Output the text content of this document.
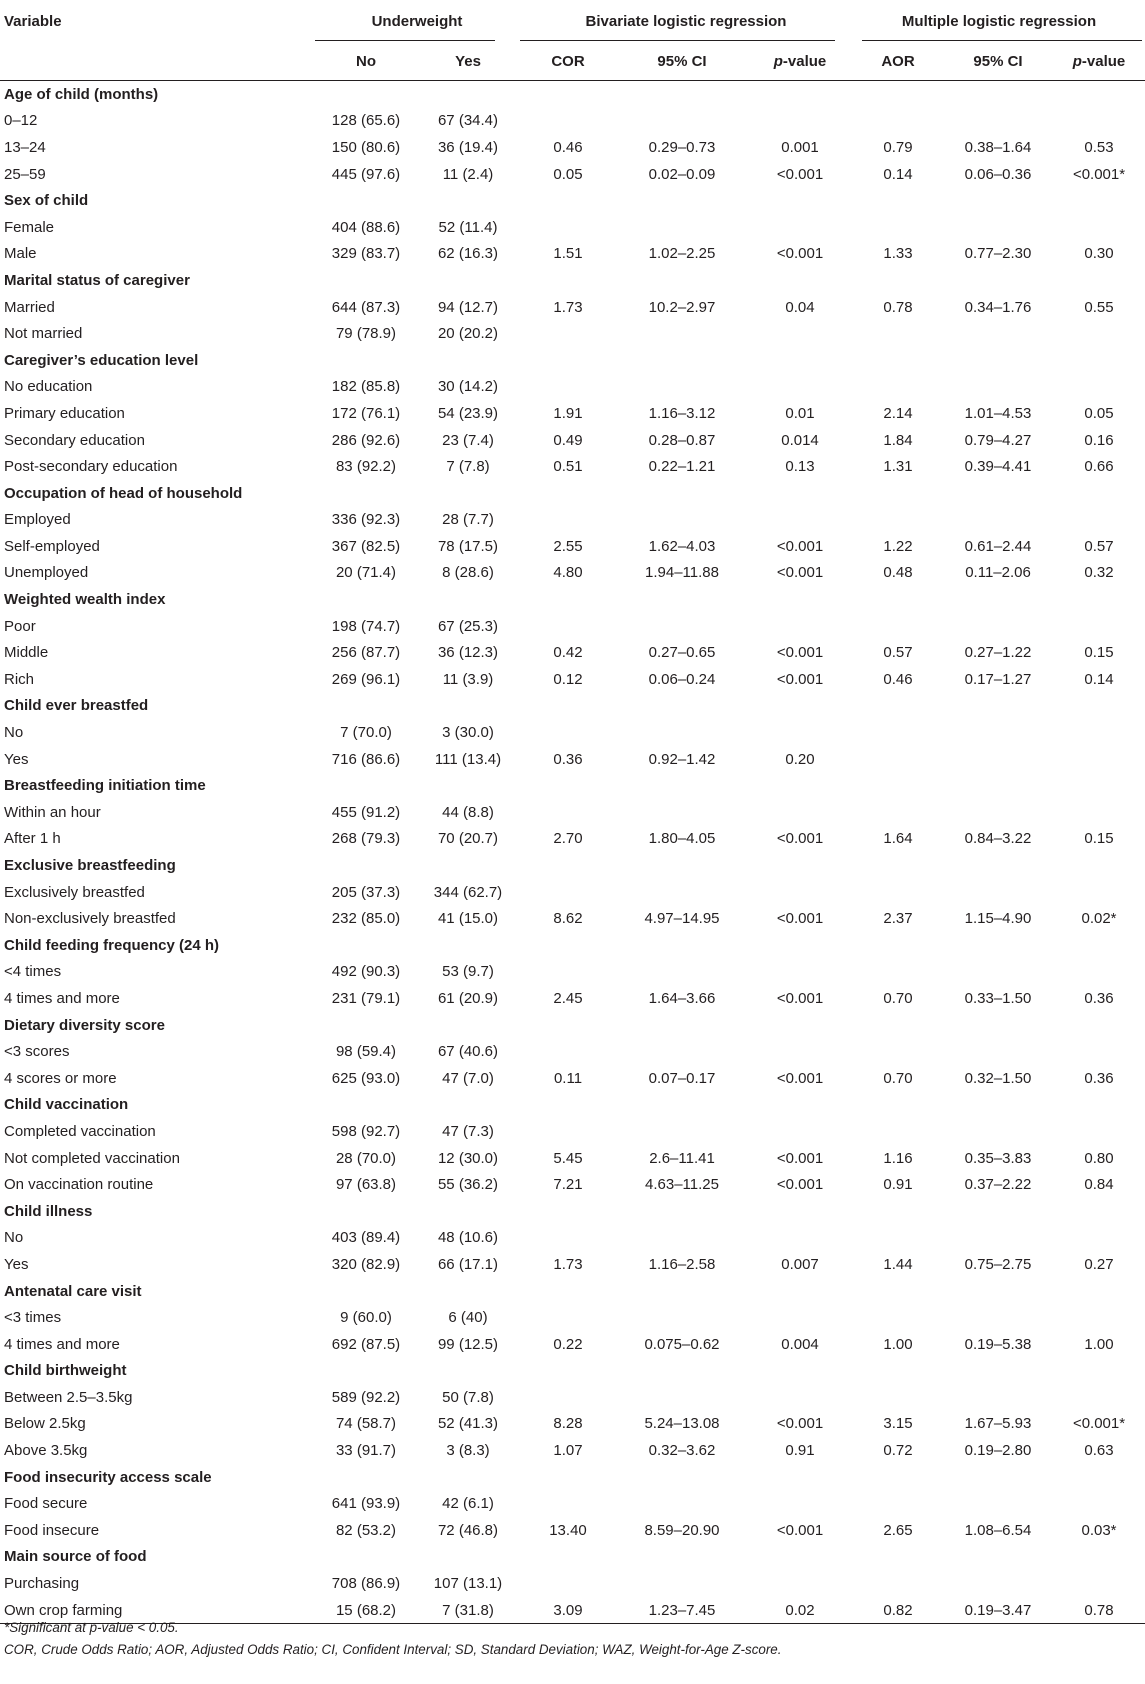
Variable	Underweight		Bivariate logistic regression			Multiple logistic regression		
	No	Yes	COR	95% CI	p-value	AOR	95% CI	p-value
Age of child (months)								
0–12	128 (65.6)	67 (34.4)						
13–24	150 (80.6)	36 (19.4)	0.46	0.29–0.73	0.001	0.79	0.38–1.64	0.53
25–59	445 (97.6)	11 (2.4)	0.05	0.02–0.09	<0.001	0.14	0.06–0.36	<0.001*
Sex of child								
Female	404 (88.6)	52 (11.4)						
Male	329 (83.7)	62 (16.3)	1.51	1.02–2.25	<0.001	1.33	0.77–2.30	0.30
Marital status of caregiver								
Married	644 (87.3)	94 (12.7)	1.73	10.2–2.97	0.04	0.78	0.34–1.76	0.55
Not married	79 (78.9)	20 (20.2)						
Caregiver’s education level								
No education	182 (85.8)	30 (14.2)						
Primary education	172 (76.1)	54 (23.9)	1.91	1.16–3.12	0.01	2.14	1.01–4.53	0.05
Secondary education	286 (92.6)	23 (7.4)	0.49	0.28–0.87	0.014	1.84	0.79–4.27	0.16
Post-secondary education	83 (92.2)	7 (7.8)	0.51	0.22–1.21	0.13	1.31	0.39–4.41	0.66
Occupation of head of household								
Employed	336 (92.3)	28 (7.7)						
Self-employed	367 (82.5)	78 (17.5)	2.55	1.62–4.03	<0.001	1.22	0.61–2.44	0.57
Unemployed	20 (71.4)	8 (28.6)	4.80	1.94–11.88	<0.001	0.48	0.11–2.06	0.32
Weighted wealth index								
Poor	198 (74.7)	67 (25.3)						
Middle	256 (87.7)	36 (12.3)	0.42	0.27–0.65	<0.001	0.57	0.27–1.22	0.15
Rich	269 (96.1)	11 (3.9)	0.12	0.06–0.24	<0.001	0.46	0.17–1.27	0.14
Child ever breastfed								
No	7 (70.0)	3 (30.0)						
Yes	716 (86.6)	111 (13.4)	0.36	0.92–1.42	0.20			
Breastfeeding initiation time								
Within an hour	455 (91.2)	44 (8.8)						
After 1 h	268 (79.3)	70 (20.7)	2.70	1.80–4.05	<0.001	1.64	0.84–3.22	0.15
Exclusive breastfeeding								
Exclusively breastfed	205 (37.3)	344 (62.7)						
Non-exclusively breastfed	232 (85.0)	41 (15.0)	8.62	4.97–14.95	<0.001	2.37	1.15–4.90	0.02*
Child feeding frequency (24 h)								
<4 times	492 (90.3)	53 (9.7)						
4 times and more	231 (79.1)	61 (20.9)	2.45	1.64–3.66	<0.001	0.70	0.33–1.50	0.36
Dietary diversity score								
<3 scores	98 (59.4)	67 (40.6)						
4 scores or more	625 (93.0)	47 (7.0)	0.11	0.07–0.17	<0.001	0.70	0.32–1.50	0.36
Child vaccination								
Completed vaccination	598 (92.7)	47 (7.3)						
Not completed vaccination	28 (70.0)	12 (30.0)	5.45	2.6–11.41	<0.001	1.16	0.35–3.83	0.80
On vaccination routine	97 (63.8)	55 (36.2)	7.21	4.63–11.25	<0.001	0.91	0.37–2.22	0.84
Child illness								
No	403 (89.4)	48 (10.6)						
Yes	320 (82.9)	66 (17.1)	1.73	1.16–2.58	0.007	1.44	0.75–2.75	0.27
Antenatal care visit								
<3 times	9 (60.0)	6 (40)						
4 times and more	692 (87.5)	99 (12.5)	0.22	0.075–0.62	0.004	1.00	0.19–5.38	1.00
Child birthweight								
Between 2.5–3.5kg	589 (92.2)	50 (7.8)						
Below 2.5kg	74 (58.7)	52 (41.3)	8.28	5.24–13.08	<0.001	3.15	1.67–5.93	<0.001*
Above 3.5kg	33 (91.7)	3 (8.3)	1.07	0.32–3.62	0.91	0.72	0.19–2.80	0.63
Food insecurity access scale								
Food secure	641 (93.9)	42 (6.1)						
Food insecure	82 (53.2)	72 (46.8)	13.40	8.59–20.90	<0.001	2.65	1.08–6.54	0.03*
Main source of food								
Purchasing	708 (86.9)	107 (13.1)						
Own crop farming	15 (68.2)	7 (31.8)	3.09	1.23–7.45	0.02	0.82	0.19–3.47	0.78
*Significant at p-value < 0.05.
COR, Crude Odds Ratio; AOR, Adjusted Odds Ratio; CI, Confident Interval; SD, Standard Deviation; WAZ, Weight-for-Age Z-score.
